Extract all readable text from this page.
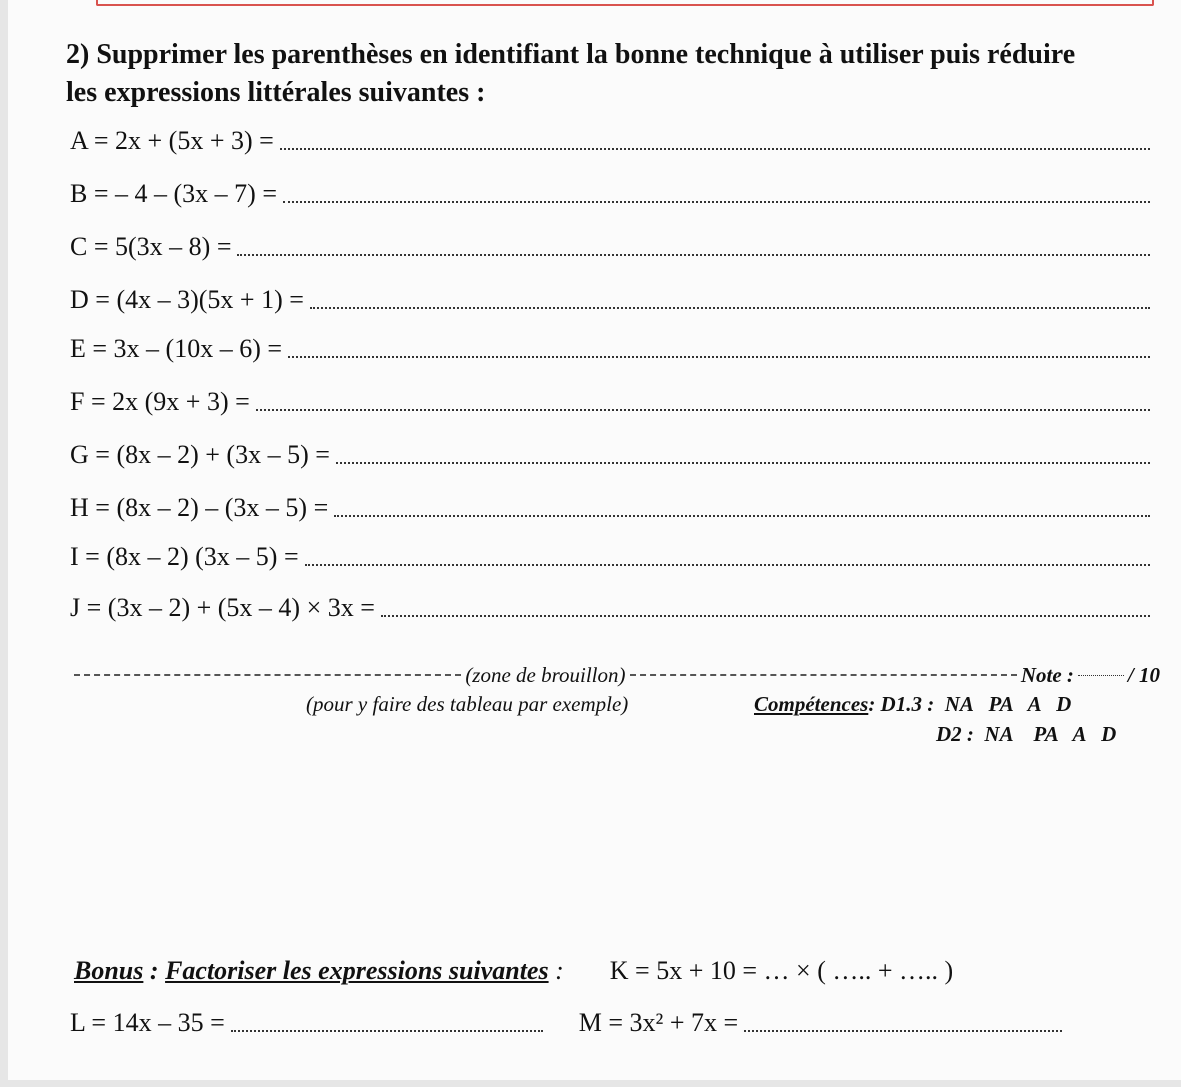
2) Supprimer les parenthèses en identifiant la bonne technique à utiliser puis réduire
les expressions littérales suivantes :
A = 2x + (5x + 3) =
B = – 4 – (3x – 7) =
C = 5(3x – 8) =
D = (4x – 3)(5x + 1) =
E = 3x – (10x – 6) =
F = 2x (9x + 3) =
G = (8x – 2) + (3x – 5) =
H = (8x – 2) – (3x – 5) =
I = (8x – 2) (3x – 5) =
J = (3x – 2) + (5x – 4) × 3x =
(zone de brouillon)	Note :	/ 10
(pour y faire des tableau par exemple)	Compétences: D1.3 :  NA   PA   A   D
D2 :  NA    PA   A   D
Bonus : Factoriser les expressions suivantes : K = 5x + 10 = … × ( ….. + ….. )
L = 14x – 35 =	M = 3x² + 7x =
